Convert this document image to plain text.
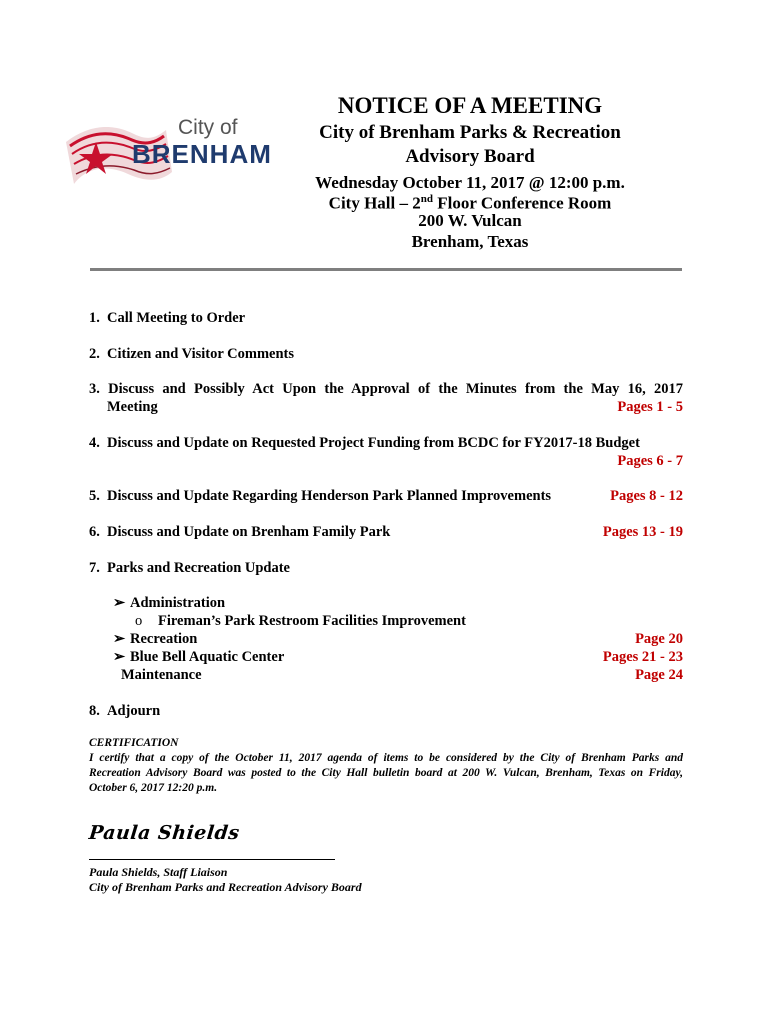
City of
BRENHAM
NOTICE OF A MEETING
City of Brenham Parks & Recreation
Advisory Board
Wednesday October 11, 2017 @ 12:00 p.m.
City Hall – 2nd Floor Conference Room
200 W. Vulcan
Brenham, Texas
1. Call Meeting to Order
2. Citizen and Visitor Comments
3. Discuss and Possibly Act Upon the Approval of the Minutes from the May 16, 2017
Meeting	Pages 1 - 5
4. Discuss and Update on Requested Project Funding from BCDC for FY2017-18 Budget
Pages 6 - 7
5. Discuss and Update Regarding Henderson Park Planned Improvements	Pages 8 - 12
6. Discuss and Update on Brenham Family Park	Pages 13 - 19
7. Parks and Recreation Update
➢ Administration
o Fireman’s Park Restroom Facilities Improvement
➢ Recreation	Page 20
➢ Blue Bell Aquatic Center	Pages 21 - 23
Maintenance	Page 24
8. Adjourn
CERTIFICATION
I certify that a copy of the October 11, 2017 agenda of items to be considered by the City of Brenham Parks and
Recreation Advisory Board was posted to the City Hall bulletin board at 200 W. Vulcan, Brenham, Texas on Friday,
October 6, 2017 12:20 p.m.
Paula Shields
Paula Shields, Staff Liaison
City of Brenham Parks and Recreation Advisory Board
